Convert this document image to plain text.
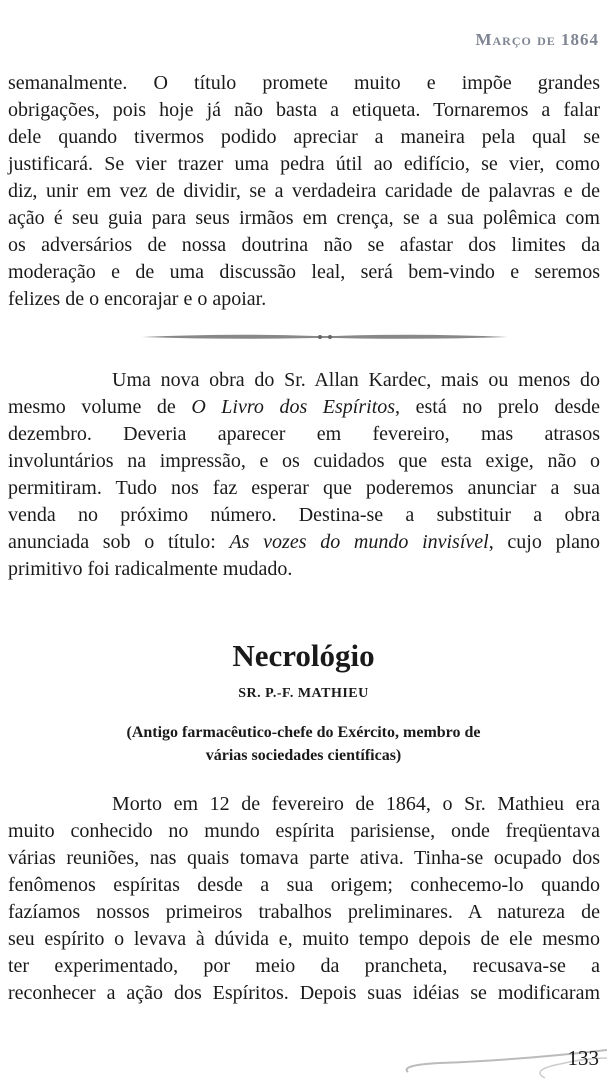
Março de 1864
semanalmente. O título promete muito e impõe grandes
obrigações, pois hoje já não basta a etiqueta. Tornaremos a falar
dele quando tivermos podido apreciar a maneira pela qual se
justificará. Se vier trazer uma pedra útil ao edifício, se vier, como
diz, unir em vez de dividir, se a verdadeira caridade de palavras e de
ação é seu guia para seus irmãos em crença, se a sua polêmica com
os adversários de nossa doutrina não se afastar dos limites da
moderação e de uma discussão leal, será bem-vindo e seremos
felizes de o encorajar e o apoiar.
Uma nova obra do Sr. Allan Kardec, mais ou menos do
mesmo volume de O Livro dos Espíritos, está no prelo desde
dezembro. Deveria aparecer em fevereiro, mas atrasos
involuntários na impressão, e os cuidados que esta exige, não o
permitiram. Tudo nos faz esperar que poderemos anunciar a sua
venda no próximo número. Destina-se a substituir a obra
anunciada sob o título: As vozes do mundo invisível, cujo plano
primitivo foi radicalmente mudado.
Necrológio
SR. P.-F. MATHIEU
(Antigo farmacêutico-chefe do Exército, membro de
várias sociedades científicas)
Morto em 12 de fevereiro de 1864, o Sr. Mathieu era
muito conhecido no mundo espírita parisiense, onde freqüentava
várias reuniões, nas quais tomava parte ativa. Tinha-se ocupado dos
fenômenos espíritas desde a sua origem; conhecemo-lo quando
fazíamos nossos primeiros trabalhos preliminares. A natureza de
seu espírito o levava à dúvida e, muito tempo depois de ele mesmo
ter experimentado, por meio da prancheta, recusava-se a
reconhecer a ação dos Espíritos. Depois suas idéias se modificaram
133
